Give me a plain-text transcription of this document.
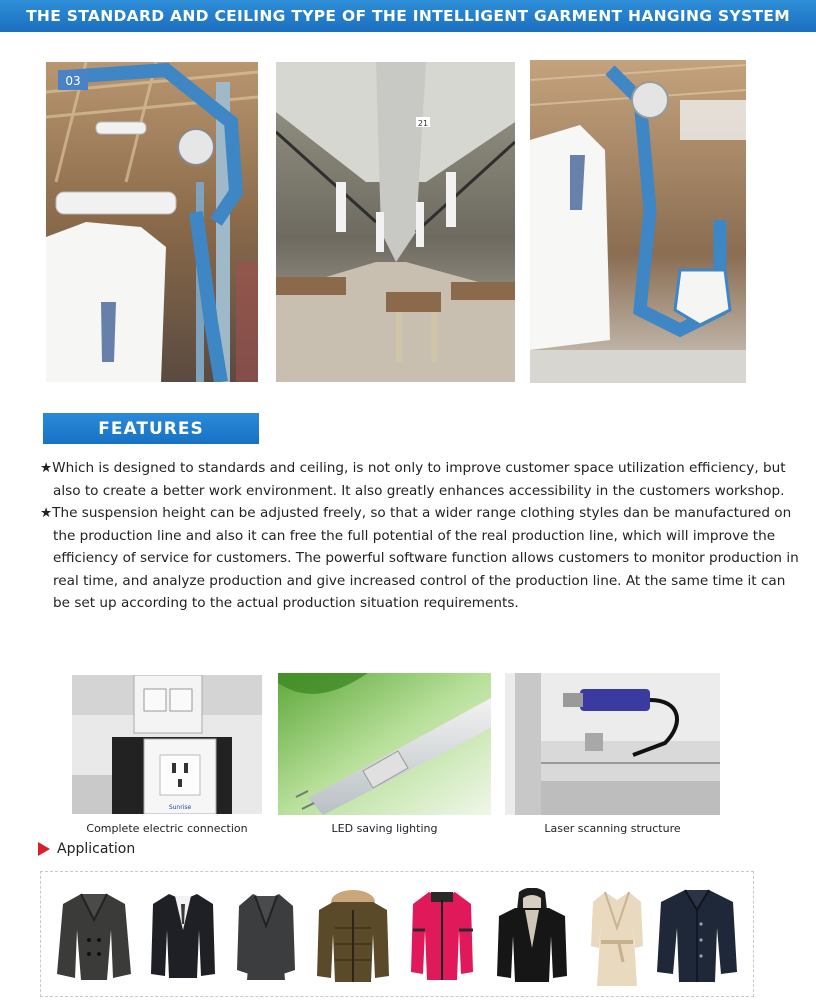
THE STANDARD AND CEILING TYPE OF THE INTELLIGENT GARMENT HANGING SYSTEM
03
21
FEATURES

★Which is designed to standards and ceiling, is not only to improve customer space utilization efficiency, but also to create a better work environment. It also greatly enhances accessibility in the customers workshop.

★The suspension height can be adjusted freely, so that a wider range clothing styles dan be manufactured on the production line and also it can free the full potential of the real production line, which will improve the efficiency of service for customers. The powerful software function allows customers to monitor production in real time, and analyze production and give increased control of the production line. At the same time it can be set up according to the actual production situation requirements.

Sunrise
Complete electric connection	LED saving lighting	Laser scanning structure
Application
